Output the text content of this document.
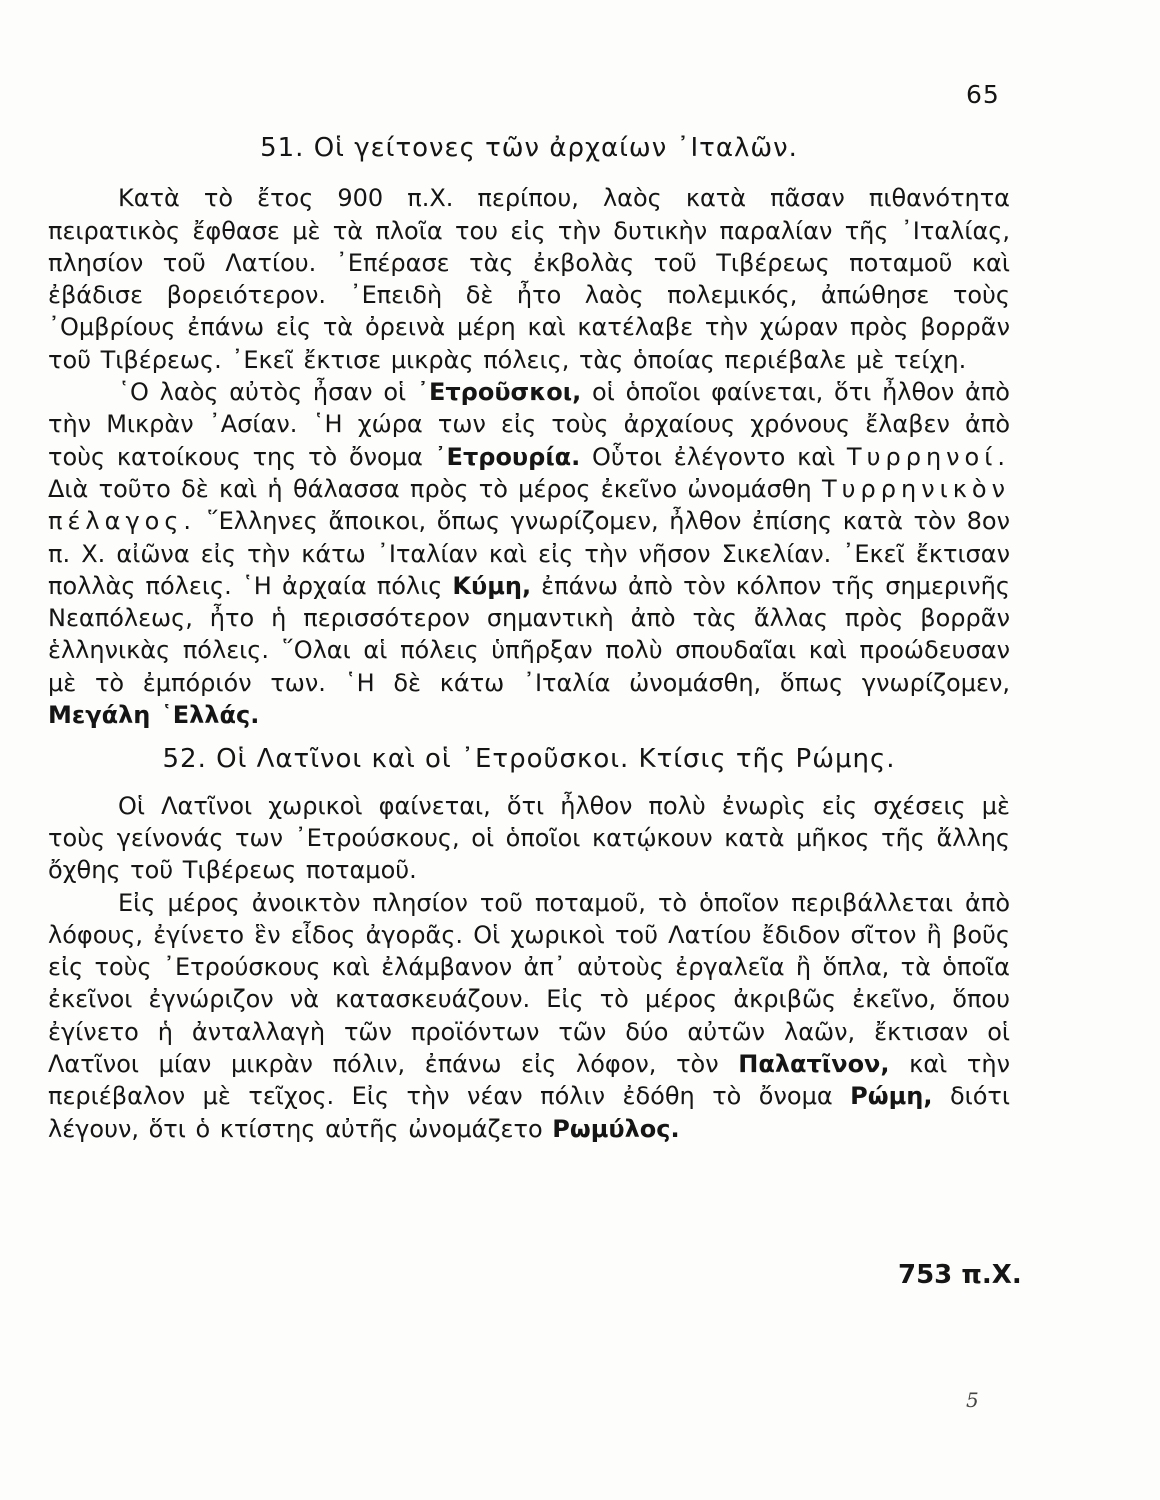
65
51. Οἱ γείτονες τῶν ἀρχαίων ᾿Ιταλῶν.

Κατὰ τὸ ἔτος 900 π.Χ. περίπου, λαὸς κατὰ πᾶσαν πιθανότητα πειρατικὸς ἔφθασε μὲ τὰ πλοῖα του εἰς τὴν δυτικὴν παραλίαν τῆς ᾿Ιταλίας, πλησίον τοῦ Λατίου. ᾿Επέρασε τὰς ἐκβολὰς τοῦ Τιβέρεως ποταμοῦ καὶ ἐβάδισε βορειότερον. ᾿Επειδὴ δὲ ἦτο λαὸς πολεμικός, ἀπώθησε τοὺς ᾿Ομβρίους ἐπάνω εἰς τὰ ὀρεινὰ μέρη καὶ κατέλαβε τὴν χώραν πρὸς βορρᾶν τοῦ Τιβέρεως. ᾿Εκεῖ ἔκτισε μικρὰς πόλεις, τὰς ὁποίας περιέβαλε μὲ τείχη.

῾Ο λαὸς αὐτὸς ἦσαν οἱ ᾿Ετροῦσκοι, οἱ ὁποῖοι φαίνεται, ὅτι ἦλθον ἀπὸ τὴν Μικρὰν ᾿Ασίαν. ῾Η χώρα των εἰς τοὺς ἀρχαίους χρόνους ἔλαβεν ἀπὸ τοὺς κατοίκους της τὸ ὄνομα ᾿Ετρουρία. Οὗτοι ἐλέγοντο καὶ Τυρρηνοί. Διὰ τοῦτο δὲ καὶ ἡ θάλασσα πρὸς τὸ μέρος ἐκεῖνο ὠνομάσθη Τυρρηνικὸν πέλαγος. ῞Ελληνες ἄποικοι, ὅπως γνωρίζομεν, ἦλθον ἐπίσης κατὰ τὸν 8ον π. Χ. αἰῶνα εἰς τὴν κάτω ᾿Ιταλίαν καὶ εἰς τὴν νῆσον Σικελίαν. ᾿Εκεῖ ἔκτισαν πολλὰς πόλεις. ῾Η ἀρχαία πόλις Κύμη, ἐπάνω ἀπὸ τὸν κόλπον τῆς σημερινῆς Νεαπόλεως, ἦτο ἡ περισσότερον σημαντικὴ ἀπὸ τὰς ἄλλας πρὸς βορρᾶν ἑλληνικὰς πόλεις. ῞Ολαι αἱ πόλεις ὑπῆρξαν πολὺ σπουδαῖαι καὶ προώδευσαν μὲ τὸ ἐμπόριόν των. ῾Η δὲ κάτω ᾿Ιταλία ὠνομάσθη, ὅπως γνωρίζομεν, Μεγάλη ῾Ελλάς.

52. Οἱ Λατῖνοι καὶ οἱ ᾿Ετροῦσκοι. Κτίσις τῆς Ρώμης.

Οἱ Λατῖνοι χωρικοὶ φαίνεται, ὅτι ἦλθον πολὺ ἐνωρὶς εἰς σχέσεις μὲ τοὺς γείνονάς των ᾿Ετρούσκους, οἱ ὁποῖοι κατῴκουν κατὰ μῆκος τῆς ἄλλης ὄχθης τοῦ Τιβέρεως ποταμοῦ.

Εἰς μέρος ἀνοικτὸν πλησίον τοῦ ποταμοῦ, τὸ ὁποῖον περιβάλλεται ἀπὸ λόφους, ἐγίνετο ἓν εἶδος ἀγορᾶς. Οἱ χωρικοὶ τοῦ Λατίου ἔδιδον σῖτον ἢ βοῦς εἰς τοὺς ᾿Ετρούσκους καὶ ἐλάμβανον ἀπ᾿ αὐτοὺς ἐργαλεῖα ἢ ὅπλα, τὰ ὁποῖα ἐκεῖνοι ἐγνώριζον νὰ κατασκευάζουν. Εἰς τὸ μέρος ἀκριβῶς ἐκεῖνο, ὅπου ἐγίνετο ἡ ἀνταλλαγὴ τῶν προϊόντων τῶν δύο αὐτῶν λαῶν, ἔκτισαν οἱ Λατῖνοι μίαν μικρὰν πόλιν, ἐπάνω εἰς λόφον, τὸν Παλατῖνον, καὶ τὴν περιέβαλον μὲ τεῖχος. Εἰς τὴν νέαν πόλιν ἐδόθη τὸ ὄνομα Ρώμη, διότι λέγουν, ὅτι ὁ κτίστης αὐτῆς ὠνομάζετο Ρωμύλος.

753 π.Χ.
5
